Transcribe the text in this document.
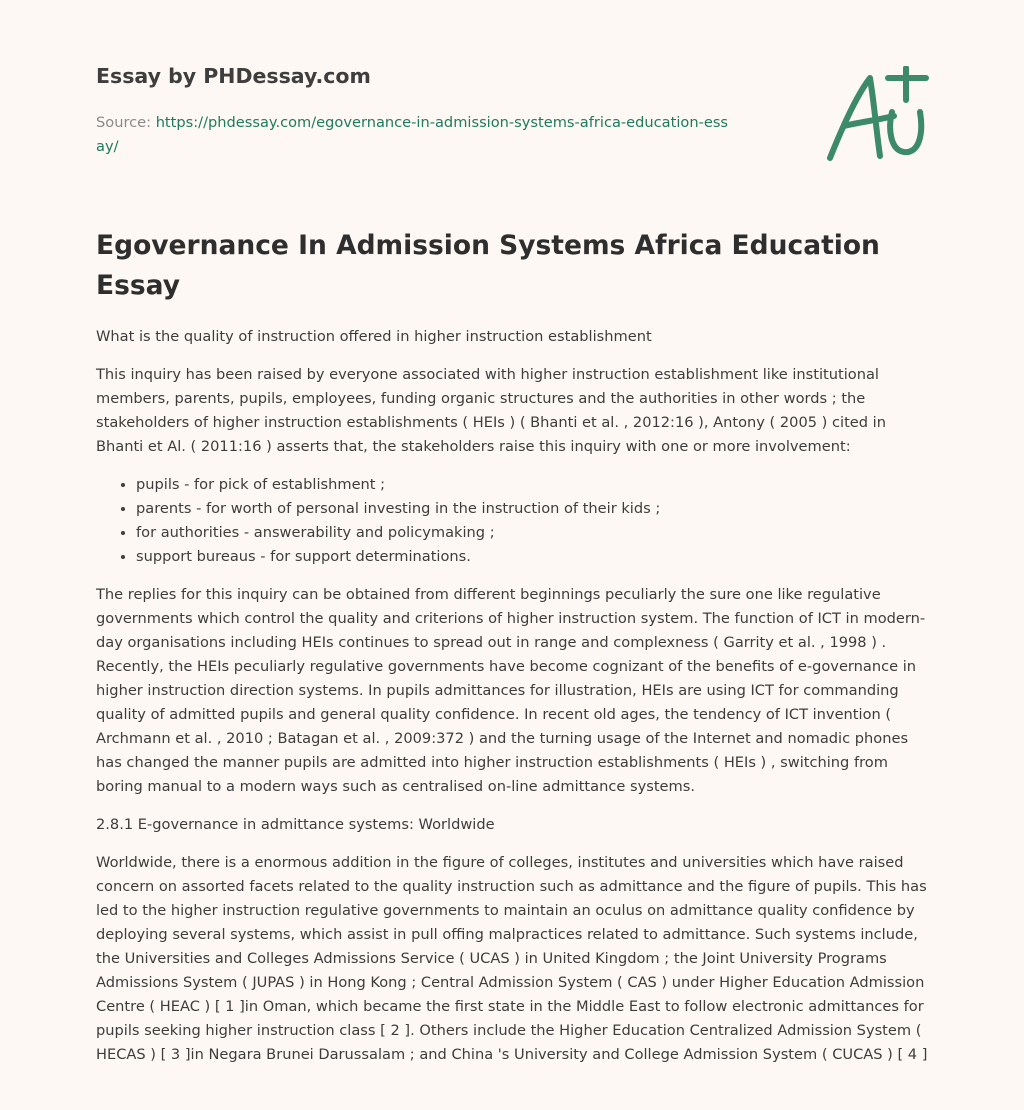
Essay by PHDessay.com
Source: https://phdessay.com/egovernance-in-admission-systems-africa-education-essay/
Egovernance In Admission Systems Africa Education Essay

What is the quality of instruction offered in higher instruction establishment

This inquiry has been raised by everyone associated with higher instruction establishment like institutional members, parents, pupils, employees, funding organic structures and the authorities in other words ; the stakeholders of higher instruction establishments ( HEIs ) ( Bhanti et al. , 2012:16 ), Antony ( 2005 ) cited in Bhanti et Al. ( 2011:16 ) asserts that, the stakeholders raise this inquiry with one or more involvement:

• pupils - for pick of establishment ;
• parents - for worth of personal investing in the instruction of their kids ;
• for authorities - answerability and policymaking ;
• support bureaus - for support determinations.

The replies for this inquiry can be obtained from different beginnings peculiarly the sure one like regulative governments which control the quality and criterions of higher instruction system. The function of ICT in modern-day organisations including HEIs continues to spread out in range and complexness ( Garrity et al. , 1998 ) . Recently, the HEIs peculiarly regulative governments have become cognizant of the benefits of e-governance in higher instruction direction systems. In pupils admittances for illustration, HEIs are using ICT for commanding quality of admitted pupils and general quality confidence. In recent old ages, the tendency of ICT invention ( Archmann et al. , 2010 ; Batagan et al. , 2009:372 ) and the turning usage of the Internet and nomadic phones has changed the manner pupils are admitted into higher instruction establishments ( HEIs ) , switching from boring manual to a modern ways such as centralised on-line admittance systems.

2.8.1 E-governance in admittance systems: Worldwide

Worldwide, there is a enormous addition in the figure of colleges, institutes and universities which have raised concern on assorted facets related to the quality instruction such as admittance and the figure of pupils. This has led to the higher instruction regulative governments to maintain an oculus on admittance quality confidence by deploying several systems, which assist in pull offing malpractices related to admittance. Such systems include, the Universities and Colleges Admissions Service ( UCAS ) in United Kingdom ; the Joint University Programs Admissions System ( JUPAS ) in Hong Kong ; Central Admission System ( CAS ) under Higher Education Admission Centre ( HEAC ) [ 1 ]in Oman, which became the first state in the Middle East to follow electronic admittances for pupils seeking higher instruction class [ 2 ]. Others include the Higher Education Centralized Admission System ( HECAS ) [ 3 ]in Negara Brunei Darussalam ; and China 's University and College Admission System ( CUCAS ) [ 4 ]
